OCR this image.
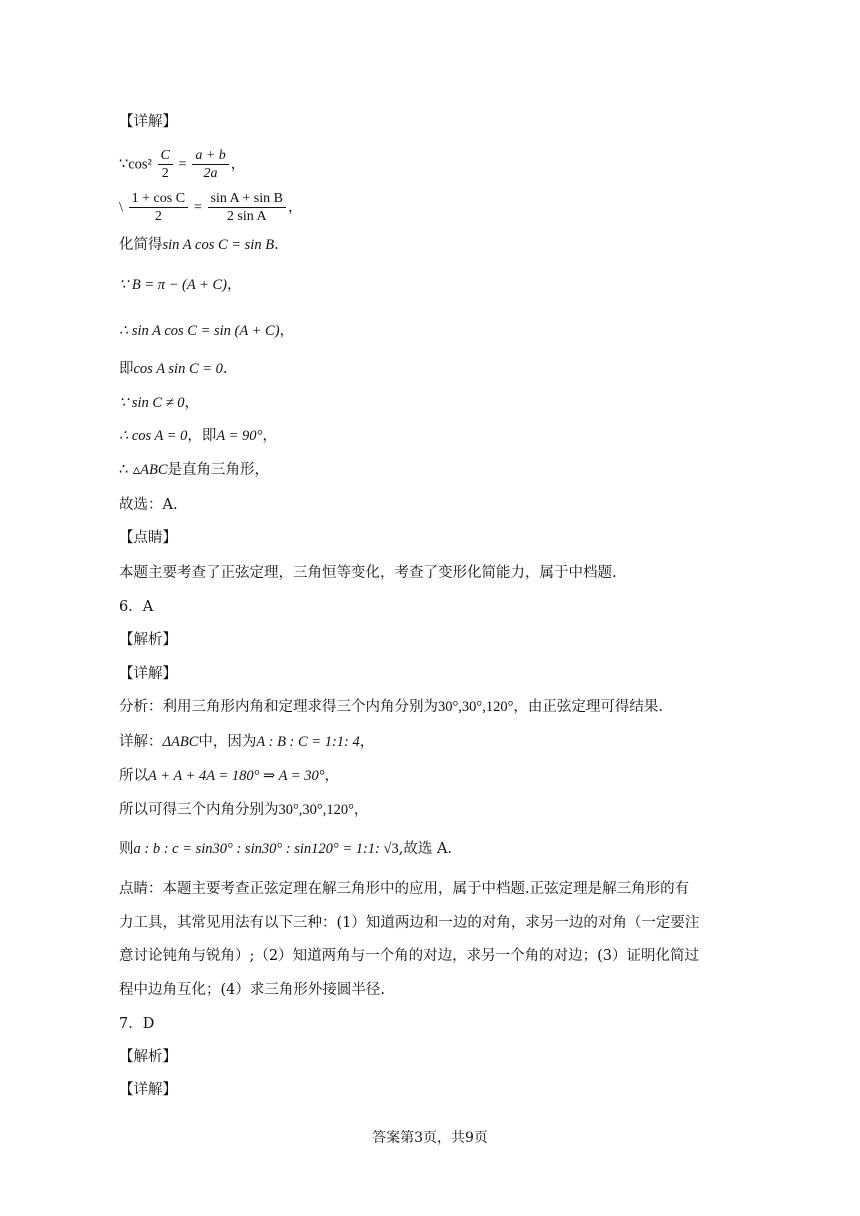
【详解】
∵cos² $\frac{C}{2} = \frac{a + b}{2a}$ ，
\ $\frac{\text{1 + cos C}}{2} = \frac{\text{sin A + sin B}}{\text{2 sin A}}$ ，
化简得sin A cos C = sin B.
∵ B = π − (A + C)，
∴ sin A cos C = sin (A + C)，
即cos A sin C = 0.
∵ sin C ≠ 0，
∴ cos A = 0，即A = 90°，
∴ ▵ABC是直角三角形，
故选：A.
【点睛】
本题主要考查了正弦定理，三角恒等变化，考查了变形化简能力，属于中档题.
6．A
【解析】
【详解】
分析：利用三角形内角和定理求得三个内角分别为30°,30°,120°，由正弦定理可得结果.
详解：ΔABC中，因为A : B : C = 1:1: 4，
所以A + A + 4A = 180° ⇒ A = 30°，
所以可得三个内角分别为30°,30°,120°，
则a : b : c = sin30° : sin30° : sin120° = 1:1: √3,故选 A.
点睛：本题主要考查正弦定理在解三角形中的应用，属于中档题.正弦定理是解三角形的有
力工具，其常见用法有以下三种：(1）知道两边和一边的对角，求另一边的对角（一定要注
意讨论钝角与锐角）;（2）知道两角与一个角的对边，求另一个角的对边；(3）证明化简过
程中边角互化；(4）求三角形外接圆半径.
7．D
【解析】
【详解】
答案第3页，共9页
